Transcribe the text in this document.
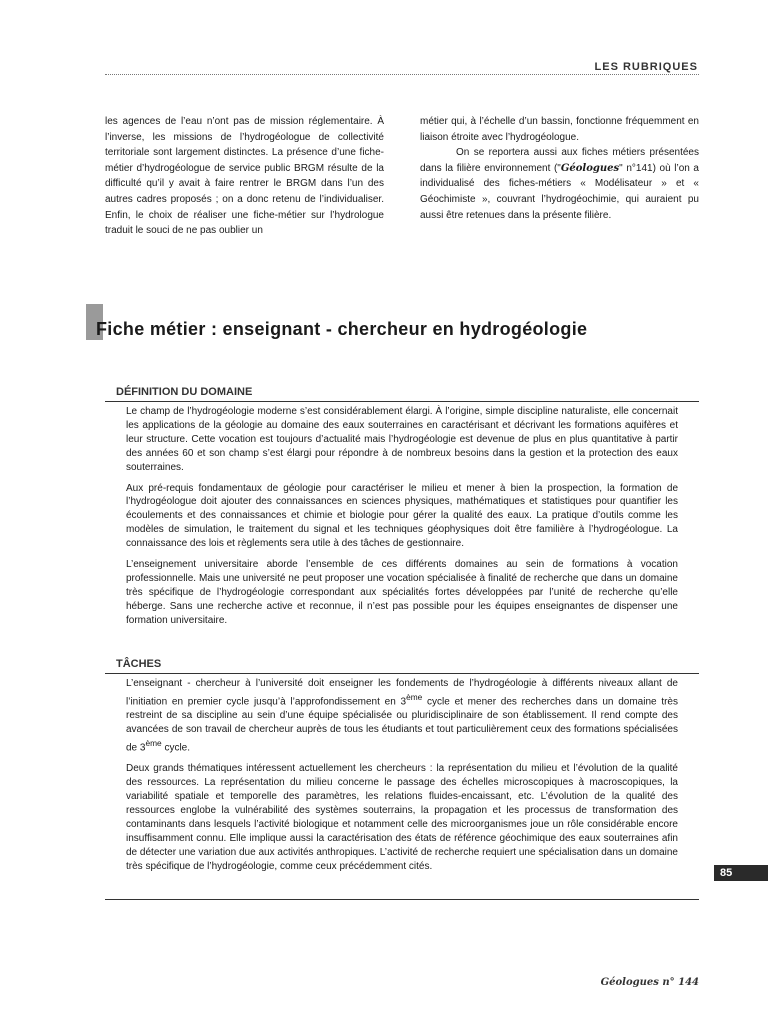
LES RUBRIQUES

les agences de l’eau n’ont pas de mission réglementaire. À l’inverse, les missions de l’hydrogéologue de collectivité territoriale sont largement distinctes. La présence d’une fiche-métier d’hydrogéologue de service public BRGM résulte de la difficulté qu’il y avait à faire rentrer le BRGM dans l’un des autres cadres proposés ; on a donc retenu de l’individualiser. Enfin, le choix de réaliser une fiche-métier sur l’hydrologue traduit le souci de ne pas oublier un

métier qui, à l’échelle d’un bassin, fonctionne fréquemment en liaison étroite avec l’hydrogéologue.

On se reportera aussi aux fiches métiers présentées dans la filière environnement ("Géologues" n°141) où l’on a individualisé des fiches-métiers « Modélisateur » et « Géochimiste », couvrant l’hydrogéochimie, qui auraient pu aussi être retenues dans la présente filière.

Fiche métier : enseignant - chercheur en hydrogéologie
DÉFINITION DU DOMAINE

Le champ de l’hydrogéologie moderne s’est considérablement élargi. À l’origine, simple discipline naturaliste, elle concernait les applications de la géologie au domaine des eaux souterraines en caractérisant et décrivant les formations aquifères et leur structure. Cette vocation est toujours d’actualité mais l’hydrogéologie est devenue de plus en plus quantitative à partir des années 60 et son champ s’est élargi pour répondre à de nombreux besoins dans la gestion et la protection des eaux souterraines.

Aux pré-requis fondamentaux de géologie pour caractériser le milieu et mener à bien la prospection, la formation de l’hydrogéologue doit ajouter des connaissances en sciences physiques, mathématiques et statistiques pour quantifier les écoulements et des connaissances et chimie et biologie pour gérer la qualité des eaux. La pratique d’outils comme les modèles de simulation, le traitement du signal et les techniques géophysiques doit être familière à l’hydrogéologue. La connaissance des lois et règlements sera utile à des tâches de gestionnaire.

L’enseignement universitaire aborde l’ensemble de ces différents domaines au sein de formations à vocation professionnelle. Mais une université ne peut proposer une vocation spécialisée à finalité de recherche que dans un domaine très spécifique de l’hydrogéologie correspondant aux spécialités fortes développées par l’unité de recherche qu’elle héberge. Sans une recherche active et reconnue, il n’est pas possible pour les équipes enseignantes de dispenser une formation universitaire.

TÂCHES

L’enseignant - chercheur à l’université doit enseigner les fondements de l’hydrogéologie à différents niveaux allant de l’initiation en premier cycle jusqu’à l’approfondissement en 3ème cycle et mener des recherches dans un domaine très restreint de sa discipline au sein d’une équipe spécialisée ou pluridisciplinaire de son établissement. Il rend compte des avancées de son travail de chercheur auprès de tous les étudiants et tout particulièrement ceux des formations spécialisées de 3ème cycle.

Deux grands thématiques intéressent actuellement les chercheurs : la représentation du milieu et l’évolution de la qualité des ressources. La représentation du milieu concerne le passage des échelles microscopiques à macroscopiques, la variabilité spatiale et temporelle des paramètres, les relations fluides-encaissant, etc. L’évolution de la qualité des ressources englobe la vulnérabilité des systèmes souterrains, la propagation et les processus de transformation des contaminants dans lesquels l’activité biologique et notamment celle des microorganismes joue un rôle considérable encore insuffisamment connu. Elle implique aussi la caractérisation des états de référence géochimique des eaux souterraines afin de détecter une variation due aux activités anthropiques. L’activité de recherche requiert une spécialisation dans un domaine très spécifique de l’hydrogéologie, comme ceux précédemment cités.

85
Géologues n° 144
